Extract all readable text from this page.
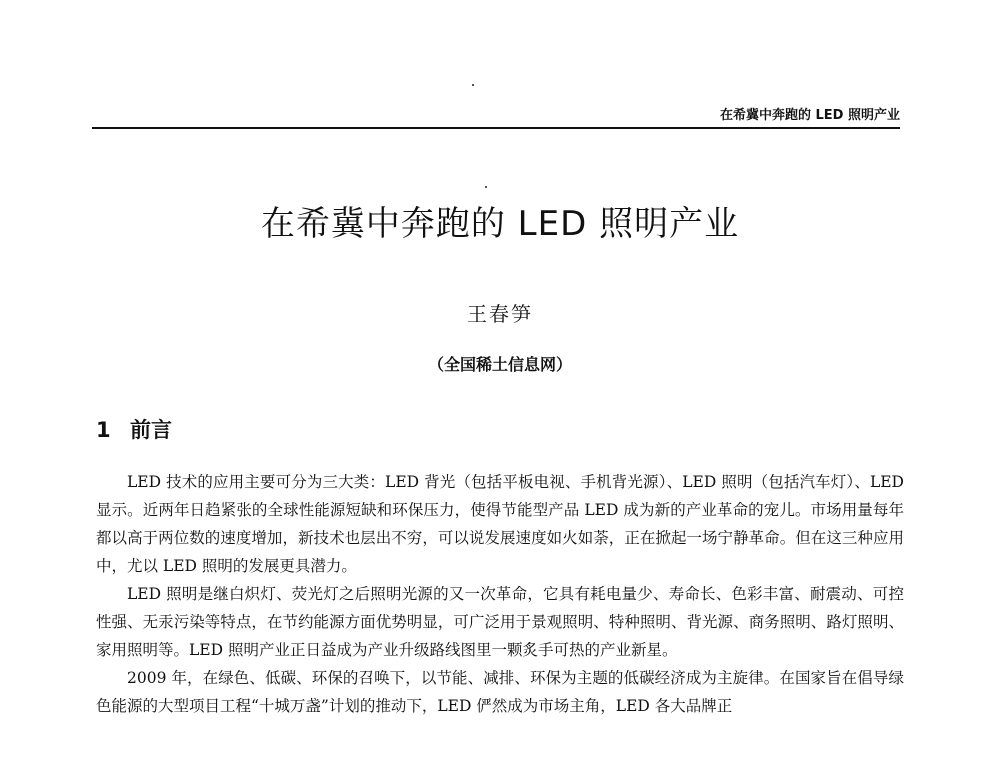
在希冀中奔跑的 LED 照明产业
在希冀中奔跑的 LED 照明产业
王春笋
（全国稀土信息网）
1 前言

LED 技术的应用主要可分为三大类：LED 背光（包括平板电视、手机背光源）、LED 照明（包括汽车灯）、LED 显示。近两年日趋紧张的全球性能源短缺和环保压力，使得节能型产品 LED 成为新的产业革命的宠儿。市场用量每年都以高于两位数的速度增加，新技术也层出不穷，可以说发展速度如火如荼，正在掀起一场宁静革命。但在这三种应用中，尤以 LED 照明的发展更具潜力。

LED 照明是继白炽灯、荧光灯之后照明光源的又一次革命，它具有耗电量少、寿命长、色彩丰富、耐震动、可控性强、无汞污染等特点，在节约能源方面优势明显，可广泛用于景观照明、特种照明、背光源、商务照明、路灯照明、家用照明等。LED 照明产业正日益成为产业升级路线图里一颗炙手可热的产业新星。

2009 年，在绿色、低碳、环保的召唤下，以节能、减排、环保为主题的低碳经济成为主旋律。在国家旨在倡导绿色能源的大型项目工程“十城万盏”计划的推动下，LED 俨然成为市场主角，LED 各大品牌正
